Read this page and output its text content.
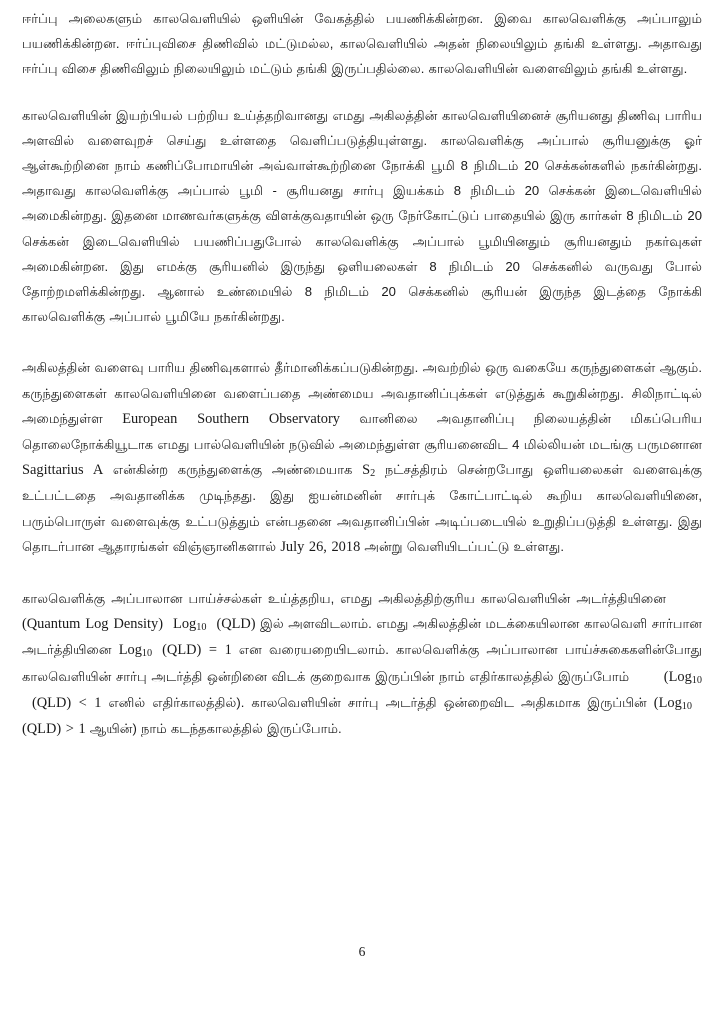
ஈர்ப்பு அலைகளும் காலவெளியில் ஒளியின் வேகத்தில் பயணிக்கின்றன. இவை காலவெளிக்கு அப்பாலும் பயணிக்கின்றன. ஈர்ப்புவிசை திணிவில் மட்டுமல்ல, காலவெளியில் அதன் நிலையிலும் தங்கி உள்ளது. அதாவது ஈர்ப்பு விசை திணிவிலும் நிலையிலும் மட்டும் தங்கி இருப்பதில்லை. காலவெளியின் வளைவிலும் தங்கி உள்ளது.

காலவெளியின் இயற்பியல் பற்றிய உய்த்தறிவானது எமது அகிலத்தின் காலவெளியினைச் சூரியனது திணிவு பாரிய அளவில் வளைவுறச் செய்து உள்ளதை வெளிப்படுத்தியுள்ளது. காலவெளிக்கு அப்பால் சூரியனுக்கு ஓர் ஆள்கூற்றினை நாம் கணிப்போமாயின் அவ்வாள்கூற்றினை நோக்கி பூமி 8 நிமிடம் 20 செக்கன்களில் நகர்கின்றது. அதாவது காலவெளிக்கு அப்பால் பூமி - சூரியனது சார்பு இயக்கம் 8 நிமிடம் 20 செக்கன் இடைவெளியில் அமைகின்றது. இதனை மாணவர்களுக்கு விளக்குவதாயின் ஒரு நேர்கோட்டுப் பாதையில் இரு கார்கள் 8 நிமிடம் 20 செக்கன் இடைவெளியில் பயணிப்பதுபோல் காலவெளிக்கு அப்பால் பூமியினதும் சூரியனதும் நகர்வுகள் அமைகின்றன. இது எமக்கு சூரியனில் இருந்து ஒளியலைகள் 8 நிமிடம் 20 செக்கனில் வருவது போல் தோற்றமளிக்கின்றது. ஆனால் உண்மையில் 8 நிமிடம் 20 செக்கனில் சூரியன் இருந்த இடத்தை நோக்கி காலவெளிக்கு அப்பால் பூமியே நகர்கின்றது.

அகிலத்தின் வளைவு பாரிய திணிவுகளால் தீர்மானிக்கப்படுகின்றது. அவற்றில் ஒரு வகையே கருந்துளைகள் ஆகும். கருந்துளைகள் காலவெளியினை வளைப்பதை அண்மைய அவதானிப்புக்கள் எடுத்துக் கூறுகின்றது. சிலிநாட்டில் அமைந்துள்ள European Southern Observatory வானிலை அவதானிப்பு நிலையத்தின் மிகப்பெரிய தொலைநோக்கியூடாக எமது பால்வெளியின் நடுவில் அமைந்துள்ள சூரியனைவிட 4 மில்லியன் மடங்கு பருமனான Sagittarius A என்கின்ற கருந்துளைக்கு அண்மையாக $S_2$ நட்சத்திரம் சென்றபோது ஒளியலைகள் வளைவுக்கு உட்பட்டதை அவதானிக்க முடிந்தது. இது ஐயன்மனின் சார்புக் கோட்பாட்டில் கூறிய காலவெளியினை, பரும்பொருள் வளைவுக்கு உட்படுத்தும் என்பதனை அவதானிப்பின் அடிப்படையில் உறுதிப்படுத்தி உள்ளது. இது தொடர்பான ஆதாரங்கள் விஞ்ஞானிகளால் July 26, 2018 அன்று வெளியிடப்பட்டு உள்ளது.

காலவெளிக்கு அப்பாலான பாய்ச்சல்கள் உய்த்தறிய, எமது அகிலத்திற்குரிய காலவெளியின் அடர்த்தியினை (Quantum Log Density) Log$_{10}$ (QLD) இல் அளவிடலாம். எமது அகிலத்தின் மடக்கையிலான காலவெளி சார்பான அடர்த்தியினை Log$_{10}$ (QLD) = 1 என வரையறையிடலாம். காலவெளிக்கு அப்பாலான பாய்ச்சுகைகளின்போது காலவெளியின் சார்பு அடர்த்தி ஒன்றினை விடக் குறைவாக இருப்பின் நாம் எதிர்காலத்தில் இருப்போம் (Log$_{10}$(QLD) < 1 எனில் எதிர்காலத்தில்). காலவெளியின் சார்பு அடர்த்தி ஒன்றைவிட அதிகமாக இருப்பின் (Log$_{10}$(QLD) > 1 ஆயின்) நாம் கடந்தகாலத்தில் இருப்போம்.

6
